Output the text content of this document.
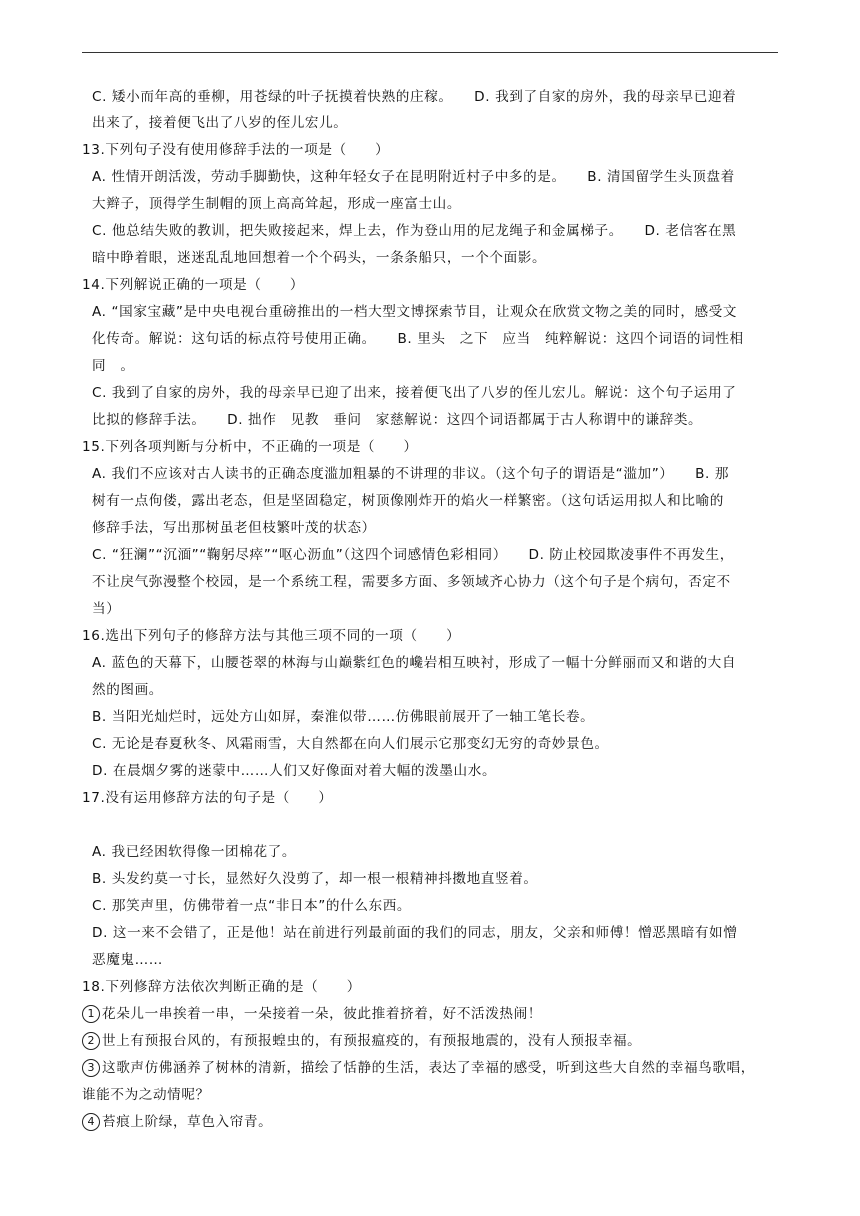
C. 矮小而年高的垂柳，用苍绿的叶子抚摸着快熟的庄稼。　　D. 我到了自家的房外，我的母亲早已迎着
出来了，接着便飞出了八岁的侄儿宏儿。
13.下列句子没有使用修辞手法的一项是（　　）
A. 性情开朗活泼，劳动手脚勤快，这种年轻女子在昆明附近村子中多的是。　　B. 清国留学生头顶盘着
大辫子，顶得学生制帽的顶上高高耸起，形成一座富士山。
C. 他总结失败的教训，把失败接起来，焊上去，作为登山用的尼龙绳子和金属梯子。　　D. 老信客在黑
暗中睁着眼，迷迷乱乱地回想着一个个码头，一条条船只，一个个面影。
14.下列解说正确的一项是（　　）
A. “国家宝藏”是中央电视台重磅推出的一档大型文博探索节目，让观众在欣赏文物之美的同时，感受文
化传奇。解说：这句话的标点符号使用正确。　　B. 里头　之下　应当　纯粹解说：这四个词语的词性相
同　。
C. 我到了自家的房外，我的母亲早已迎了出来，接着便飞出了八岁的侄儿宏儿。解说：这个句子运用了
比拟的修辞手法。　　D. 拙作　见教　垂问　家慈解说：这四个词语都属于古人称谓中的谦辞类。
15.下列各项判断与分析中，不正确的一项是（　　）
A. 我们不应该对古人读书的正确态度滥加粗暴的不讲理的非议。（这个句子的谓语是“滥加”）　　B. 那
树有一点佝偻，露出老态，但是坚固稳定，树顶像刚炸开的焰火一样繁密。（这句话运用拟人和比喻的
修辞手法，写出那树虽老但枝繁叶茂的状态）
C. “狂澜”“沉湎”“鞠躬尽瘁”“呕心沥血”（这四个词感情色彩相同）　　D. 防止校园欺凌事件不再发生，
不让戾气弥漫整个校园，是一个系统工程，需要多方面、多领域齐心协力（这个句子是个病句，否定不
当）
16.选出下列句子的修辞方法与其他三项不同的一项（　　）
A. 蓝色的天幕下，山腰苍翠的林海与山巅紫红色的巉岩相互映衬，形成了一幅十分鲜丽而又和谐的大自
然的图画。
B. 当阳光灿烂时，远处方山如屏，秦淮似带……仿佛眼前展开了一轴工笔长卷。
C. 无论是春夏秋冬、风霜雨雪，大自然都在向人们展示它那变幻无穷的奇妙景色。
D. 在晨烟夕雾的迷蒙中……人们又好像面对着大幅的泼墨山水。
17.没有运用修辞方法的句子是（　　）
A. 我已经困软得像一团棉花了。
B. 头发约莫一寸长，显然好久没剪了，却一根一根精神抖擞地直竖着。
C. 那笑声里，仿佛带着一点“非日本”的什么东西。
D. 这一来不会错了，正是他！站在前进行列最前面的我们的同志，朋友，父亲和师傅！憎恶黑暗有如憎
恶魔鬼……
18.下列修辞方法依次判断正确的是（　　）
1 花朵儿一串挨着一串，一朵接着一朵，彼此推着挤着，好不活泼热闹！
2 世上有预报台风的，有预报蝗虫的，有预报瘟疫的，有预报地震的，没有人预报幸福。
3 这歌声仿佛涵养了树林的清新，描绘了恬静的生活，表达了幸福的感受，听到这些大自然的幸福鸟歌唱，
谁能不为之动情呢？
4 苔痕上阶绿，草色入帘青。
